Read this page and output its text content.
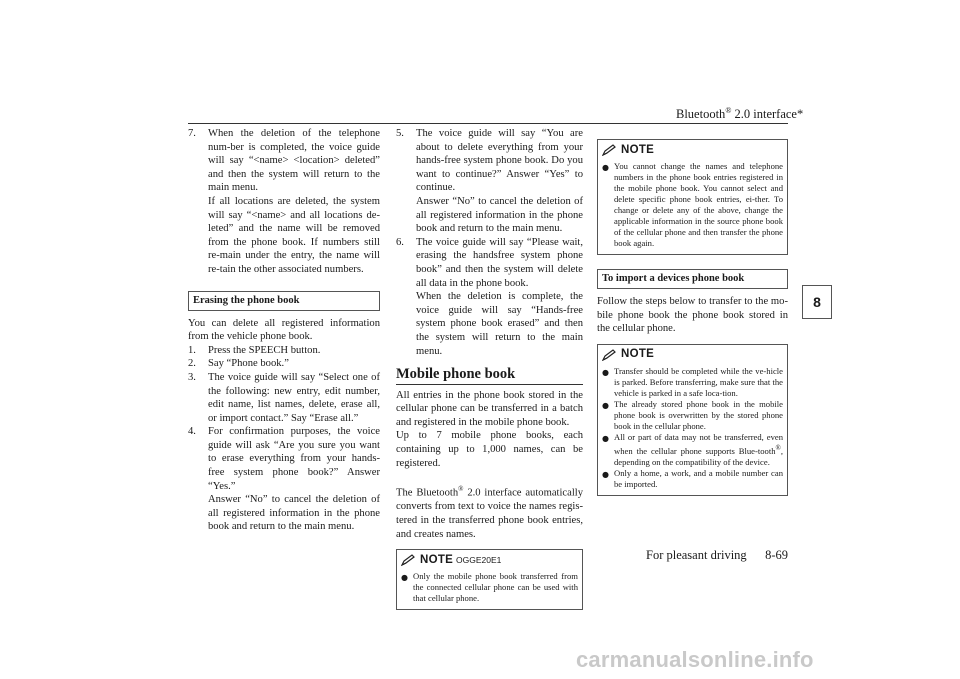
Bluetooth® 2.0 interface*
8
7.	When the deletion of the telephone num-ber is completed, the voice guide will say “<name> <location> deleted” and then the system will return to the main menu.

If all locations are deleted, the system will say “<name> and all locations de-leted” and the name will be removed from the phone book. If numbers still re-main under the entry, the name will re-tain the other associated numbers.

Erasing the phone book

You can delete all registered information from the vehicle phone book.

1.	Press the SPEECH button.

2.	Say “Phone book.”

3.	The voice guide will say “Select one of the following: new entry, edit number, edit name, list names, delete, erase all, or import contact.” Say “Erase all.”

4.	For confirmation purposes, the voice guide will ask “Are you sure you want to erase everything from your hands-free system phone book?” Answer “Yes.”

Answer “No” to cancel the deletion of all registered information in the phone book and return to the main menu.

5.	The voice guide will say “You are about to delete everything from your hands-free system phone book. Do you want to continue?” Answer “Yes” to continue.

Answer “No” to cancel the deletion of all registered information in the phone book and return to the main menu.

6.	The voice guide will say “Please wait, erasing the handsfree system phone book” and then the system will delete all data in the phone book.

When the deletion is complete, the voice guide will say “Hands-free system phone book erased” and then the system will return to the main menu.

Mobile phone book

All entries in the phone book stored in the cellular phone can be transferred in a batch and registered in the mobile phone book.

Up to 7 mobile phone books, each containing up to 1,000 names, can be registered.

The Bluetooth® 2.0 interface automatically converts from text to voice the names regis-tered in the transferred phone book entries, and creates names.

NOTE
● Only the mobile phone book transferred from the connected cellular phone can be used with that cellular phone.
NOTE
● You cannot change the names and telephone numbers in the phone book entries registered in the mobile phone book. You cannot select and delete specific phone book entries, ei-ther. To change or delete any of the above, change the applicable information in the source phone book of the cellular phone and then transfer the phone book again.
To import a devices phone book

Follow the steps below to transfer to the mo-bile phone book the phone book stored in the cellular phone.

NOTE
● Transfer should be completed while the ve-hicle is parked. Before transferring, make sure that the vehicle is parked in a safe loca-tion.
● The already stored phone book in the mobile phone book is overwritten by the stored phone book in the cellular phone.
● All or part of data may not be transferred, even when the cellular phone supports Blue-tooth®, depending on the compatibility of the device.
● Only a home, a work, and a mobile number can be imported.
OGGE20E1	For pleasant driving 8-69
carmanualsonline.info
